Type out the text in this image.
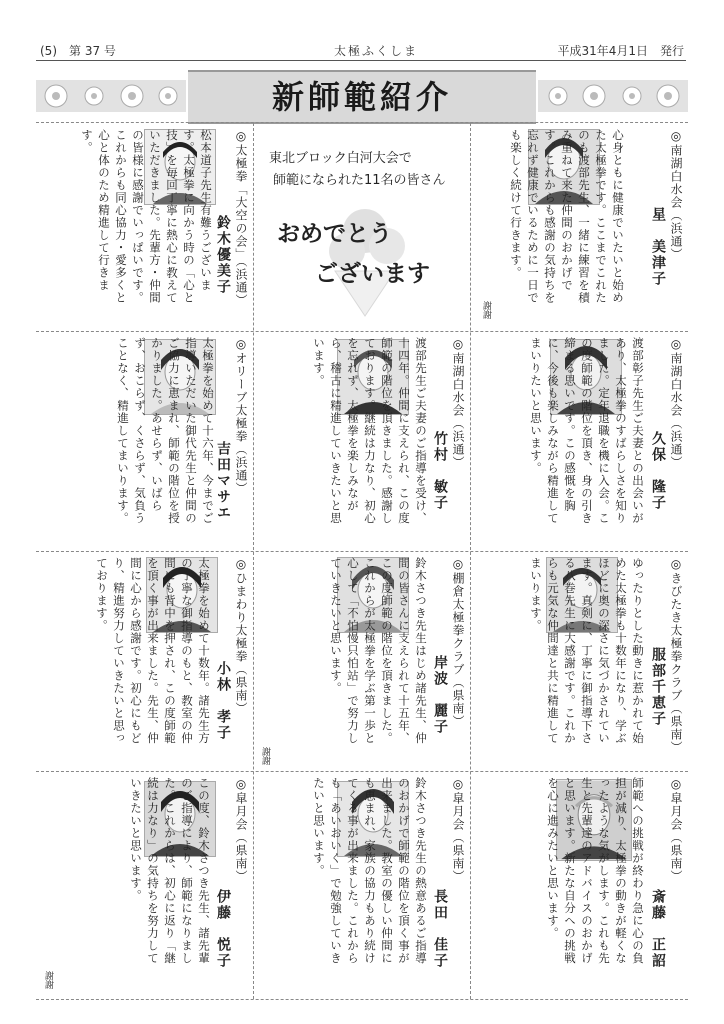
(5)　第 37 号	太極ふくしま	平成31年4月1日　発行
新師範紹介
◎南湖白水会（浜通）
星　美津子
心身ともに健康でいたいと始めた太極拳です。ここまでこれたのも渡部先生、一緒に練習を積み重ねて来た仲間のおかげです。これからも感謝の気持ちを忘れず健康でいるために一日でも楽しく続けて行きます。
謝謝
東北ブロック白河大会で
師範になられた11名の皆さん
おめでとう
ございます
◎太極拳「大空の会」（浜通）
鈴木優美子
松本道子先生有難うございます。太極拳に向かう時の「心と技」を毎回丁寧に熱心に教えていただきました。先輩方・仲間の皆様に感謝でいっぱいです。これからも同心協力・愛多くと心と体のため精進して行きます。
◎南湖白水会（浜通）
久保　隆子
渡部彰子先生ご夫妻との出会いがあり、太極拳のすばらしさを知りました。定年退職を機に入会。この度師範の階位を頂き、身の引き締まる思いです。この感慨を胸に、今後も楽しみながら精進してまいりたいと思います。
◎南湖白水会（浜通）
竹村　敏子
渡部先生ご夫妻のご指導を受け、十四年。仲間に支えられ、この度師範の階位を頂きました。感謝しております。継続は力なり、初心を忘れず、太極拳を楽しみながら、稽古に精進していきたいと思います。
◎オリーブ太極拳（浜通）
吉田マサエ
太極拳を始めて十六年、今までご指導いただいた御代先生と仲間のご協力に恵まれ、師範の階位を授かりました。あせらず、いばらず、おこらず、くさらず、気負うことなく、精進してまいります。
◎きびたき太極拳クラブ（県南）
服部千恵子
ゆったりとした動きに惹かれて始めた太極拳も十数年になり、学ぶほどに奥の深さに気づかされています。真剣に、丁寧に御指導下さる八巻先生に大感謝です。これからも元気な仲間達と共に精進してまいります。
◎棚倉太極拳クラブ（県南）
岸波　麗子
鈴木さつき先生はじめ諸先生、仲間の皆さんに支えられて十五年、この度師範の階位を頂きました。これからが太極拳を学ぶ第一歩と心して「不怕慢只怕站」で努力していきたいと思います。
謝謝
◎ひまわり太極拳（県南）
小林　孝子
太極拳を始めて十数年。諸先生方の丁寧な御指導のもと、教室の仲間にも背中を押され、この度師範を頂く事が出来ました。先生、仲間に心から感謝です。初心にもどり、精進努力していきたいと思っております。
◎皐月会（県南）
斎藤　正詔
師範への挑戦が終わり急に心の負担が減り、太極拳の動きが軽くなったような気がします。これも先生と先輩達のアドバイスのおかげと思います。新たな自分への挑戦を心に進みたいと思います。
◎皐月会（県南）
長田　佳子
鈴木さつき先生の熱意あるご指導のおかげで師範の階位を頂く事が出来ました。教室の優しい仲間にも恵まれ、家族の協力もあり続けてくる事が出来ました。これからも「あいおいく」で勉強していきたいと思います。
◎皐月会（県南）
伊藤　悦子
この度、鈴木さつき先生、諸先輩のご指導により、師範になりました。これからは、初心に返り「継続は力なり」の気持ちを努力していきたいと思います。
謝謝
